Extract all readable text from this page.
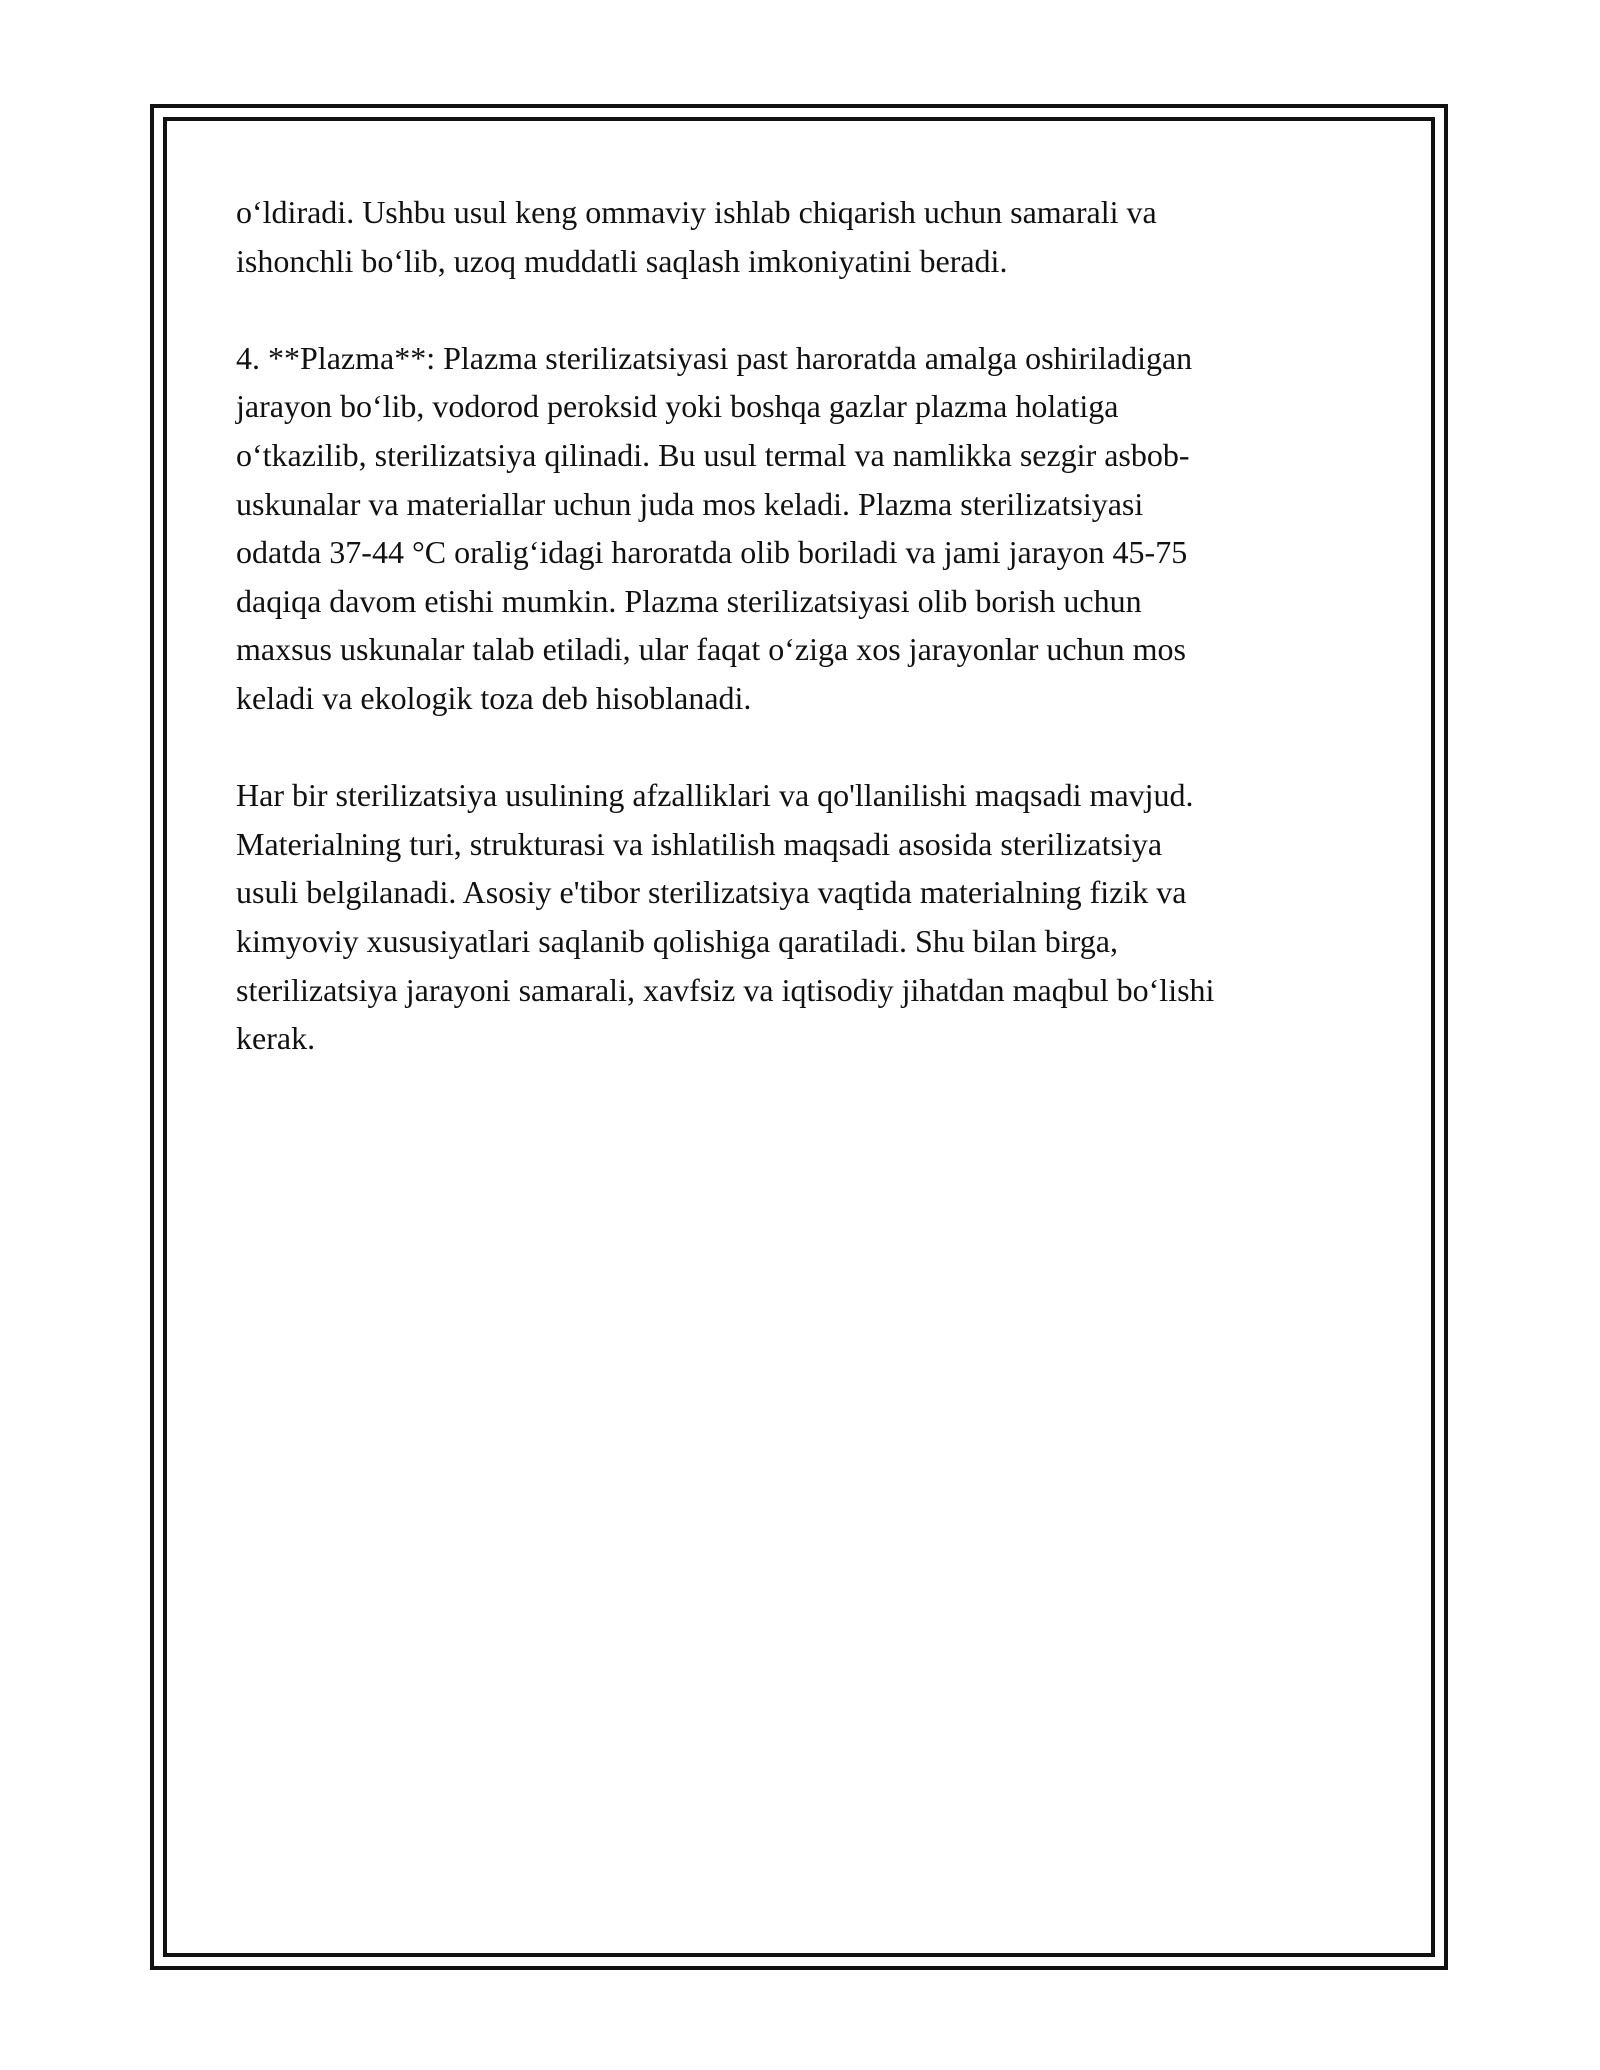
o‘ldiradi. Ushbu usul keng ommaviy ishlab chiqarish uchun samarali va
ishonchli bo‘lib, uzoq muddatli saqlash imkoniyatini beradi.

4. **Plazma**: Plazma sterilizatsiyasi past haroratda amalga oshiriladigan
jarayon bo‘lib, vodorod peroksid yoki boshqa gazlar plazma holatiga
o‘tkazilib, sterilizatsiya qilinadi. Bu usul termal va namlikka sezgir asbob-
uskunalar va materiallar uchun juda mos keladi. Plazma sterilizatsiyasi
odatda 37-44 °C oralig‘idagi haroratda olib boriladi va jami jarayon 45-75
daqiqa davom etishi mumkin. Plazma sterilizatsiyasi olib borish uchun
maxsus uskunalar talab etiladi, ular faqat o‘ziga xos jarayonlar uchun mos
keladi va ekologik toza deb hisoblanadi.

Har bir sterilizatsiya usulining afzalliklari va qo'llanilishi maqsadi mavjud.
Materialning turi, strukturasi va ishlatilish maqsadi asosida sterilizatsiya
usuli belgilanadi. Asosiy e'tibor sterilizatsiya vaqtida materialning fizik va
kimyoviy xususiyatlari saqlanib qolishiga qaratiladi. Shu bilan birga,
sterilizatsiya jarayoni samarali, xavfsiz va iqtisodiy jihatdan maqbul bo‘lishi
kerak.
